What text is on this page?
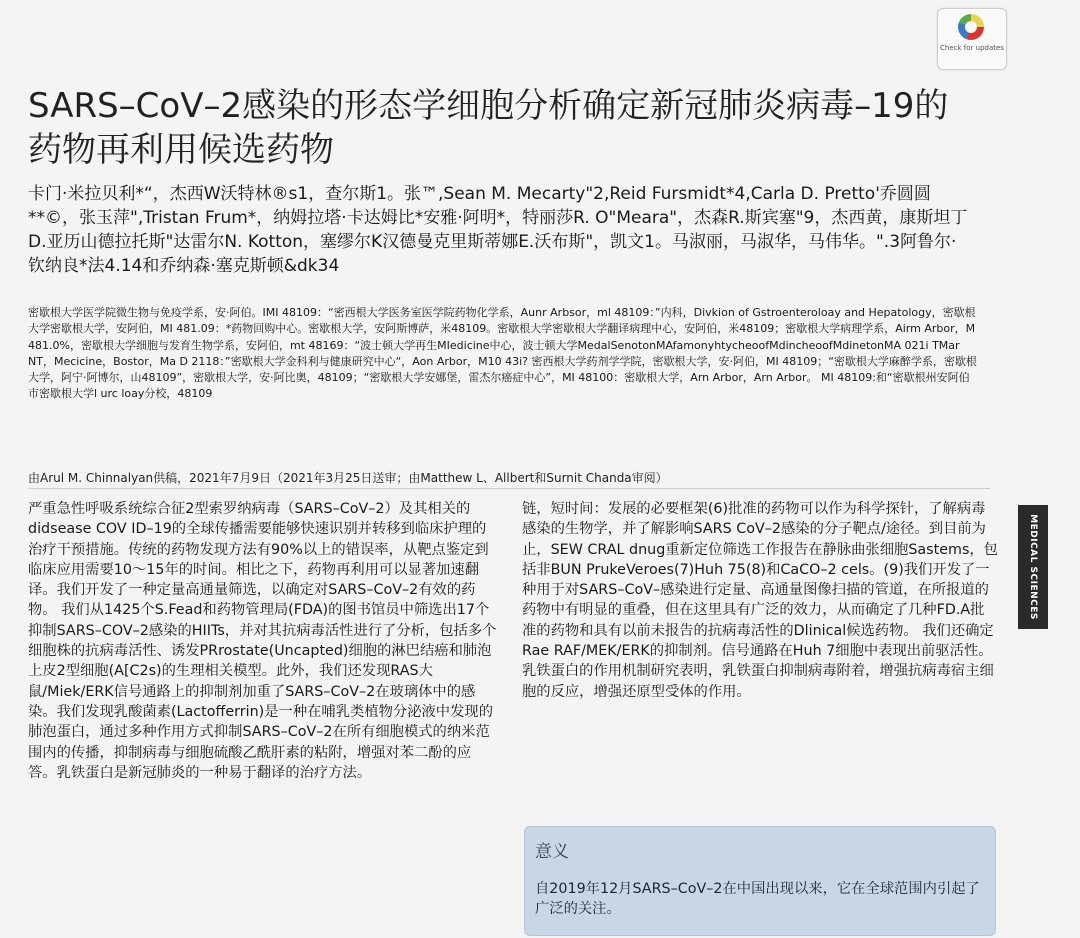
Check for updates
SARS–CoV–2感染的形态学细胞分析确定新冠肺炎病毒–19的药物再利用候选药物

卡门·米拉贝利*“，杰西W沃特林®s1，查尔斯1。张™,Sean M. Mecarty"2,Reid Fursmidt*4,Carla D. Pretto'乔圆圆**©，张玉萍",Tristan Frum*，纳姆拉塔·卡达姆比*安雅·阿明*，特丽莎R. O"Meara"，杰森R.斯宾塞"9，杰西黄，康斯坦丁D.亚历山德拉托斯"达雷尔N. Kotton，塞缪尔K汉德曼克里斯蒂娜E.沃布斯"，凯文1。马淑丽，马淑华，马伟华。".3阿鲁尔·钦纳良*法4.14和乔纳森·塞克斯顿&dk34

密歇根大学医学院微生物与免疫学系，安·阿伯。IMI 48109：“密西根大学医务室医学院药物化学系，Aunr Arbsor，ml 48109：”内科，Divkion of Gstroenteroloay and Hepatology，密歇根大学密歇根大学，安阿伯，MI 481.09：*药物回购中心。密歇根大学，安阿斯博萨，米48109。密歇根大学密歇根大学翻译病理中心，安阿伯，米48109；密歇根大学病理学系，Airm Arbor，M 481.0%，密歇根大学细胞与发育生物学系，安阿伯，mt 48169：“波士顿大学再生MIedicine中心，波士顿大学MedalSenotonMAfamonyhtycheoofMdincheoofMdinetonMA 021i TMar NT，Mecicine，Bostor，Ma D 2118：”密歇根大学金科利与健康研究中心“，Aon Arbor，M10 43i? 密西根大学药剂学学院，密歇根大学，安·阿伯，MI 48109；“密歇根大学麻醉学系，密歇根大学，阿宁·阿博尔，山48109”，密歇根大学，安·阿比奥，48109；“密歇根大学安娜堡，雷杰尔癌症中心”，MI 48100：密歇根大学，Arn Arbor，Arn Arbor。 MI 48109:和“密歇根州安阿伯市密歇根大学l urc loay分校，48109

由Arul M. Chinnalyan供稿，2021年7月9日（2021年3月25日送审；由Matthew L、Allbert和Surnit Chanda审阅）

严重急性呼吸系统综合征2型索罗纳病毒（SARS–CoV–2）及其相关的didsease COV ID–19的全球传播需要能够快速识别并转移到临床护理的治疗干预措施。传统的药物发现方法有90%以上的错误率，从靶点鉴定到临床应用需要10～15年的时间。相比之下，药物再利用可以显著加速翻译。我们开发了一种定量高通量筛选，以确定对SARS–CoV–2有效的药物。 我们从1425个S.Fead和药物管理局(FDA)的图书馆员中筛选出17个抑制SARS–COV–2感染的HIITs，并对其抗病毒活性进行了分析，包括多个细胞株的抗病毒活性、诱发PRrostate(Uncapted)细胞的淋巴结癌和肺泡上皮2型细胞(A[C2s)的生理相关模型。此外，我们还发现RAS大鼠/Miek/ERK信号通路上的抑制剂加重了SARS–CoV–2在玻璃体中的感染。我们发现乳酸菌素(Lactofferrin)是一种在哺乳类植物分泌液中发现的肺泡蛋白，通过多种作用方式抑制SARS–CoV–2在所有细胞模式的纳米范围内的传播，抑制病毒与细胞硫酸乙酰肝素的粘附，增强对苯二酚的应答。乳铁蛋白是新冠肺炎的一种易于翻译的治疗方法。

链，短时间：发展的必要框架(6)批准的药物可以作为科学探针，了解病毒感染的生物学，并了解影响SARS CoV–2感染的分子靶点/途径。到目前为止，SEW CRAL dnug重新定位筛选工作报告在静脉曲张细胞Sastems，包括非BUN PrukeVeroes(7)Huh 75(8)和CaCO–2 cels。(9)我们开发了一种用于对SARS–CoV–感染进行定量、高通量图像扫描的管道，在所报道的药物中有明显的重叠，但在这里具有广泛的效力，从而确定了几种FD.A批准的药物和具有以前未报告的抗病毒活性的Dlinical候选药物。 我们还确定Rae RAF/MEK/ERK的抑制剂。信号通路在Huh 7细胞中表现出前驱活性。乳铁蛋白的作用机制研究表明，乳铁蛋白抑制病毒附着，增强抗病毒宿主细胞的反应，增强还原型受体的作用。

MEDICAL SCIENCES
意义

自2019年12月SARS–CoV–2在中国出现以来，它在全球范围内引起了广泛的关注。
